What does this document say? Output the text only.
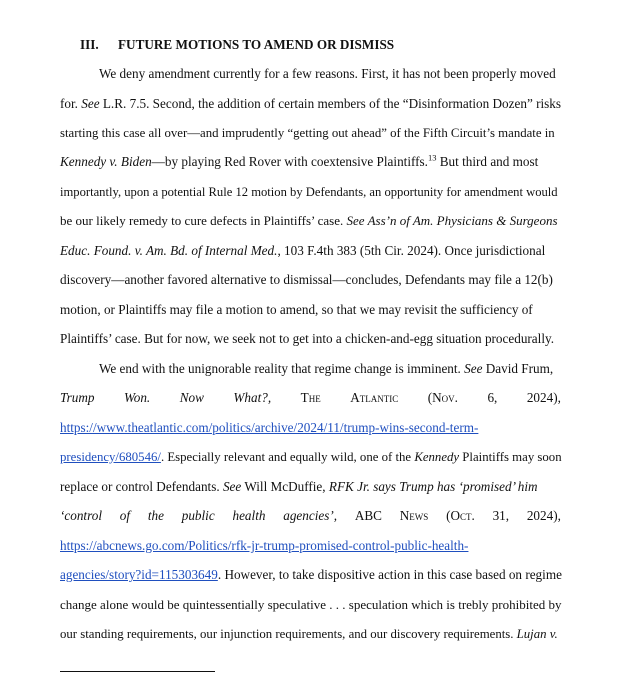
III. FUTURE MOTIONS TO AMEND OR DISMISS
We deny amendment currently for a few reasons. First, it has not been properly moved
for. See L.R. 7.5. Second, the addition of certain members of the “Disinformation Dozen” risks
starting this case all over—and imprudently “getting out ahead” of the Fifth Circuit’s mandate in
Kennedy v. Biden—by playing Red Rover with coextensive Plaintiffs.$^{13}$ But third and most
importantly, upon a potential Rule 12 motion by Defendants, an opportunity for amendment would
be our likely remedy to cure defects in Plaintiffs’ case. See Ass’n of Am. Physicians & Surgeons
Educ. Found. v. Am. Bd. of Internal Med., 103 F.4th 383 (5th Cir. 2024). Once jurisdictional
discovery—another favored alternative to dismissal—concludes, Defendants may file a 12(b)
motion, or Plaintiffs may file a motion to amend, so that we may revisit the sufficiency of
Plaintiffs’ case. But for now, we seek not to get into a chicken-and-egg situation procedurally.
We end with the unignorable reality that regime change is imminent. See David Frum,
Trump Won. Now What?, The Atlantic (Nov. 6, 2024),
https://www.theatlantic.com/politics/archive/2024/11/trump-wins-second-term-
presidency/680546/. Especially relevant and equally wild, one of the Kennedy Plaintiffs may soon
replace or control Defendants. See Will McDuffie, RFK Jr. says Trump has ‘promised’ him
‘control of the public health agencies’, ABC News (Oct. 31, 2024),
https://abcnews.go.com/Politics/rfk-jr-trump-promised-control-public-health-
agencies/story?id=115303649. However, to take dispositive action in this case based on regime
change alone would be quintessentially speculative . . . speculation which is trebly prohibited by
our standing requirements, our injunction requirements, and our discovery requirements. Lujan v.
